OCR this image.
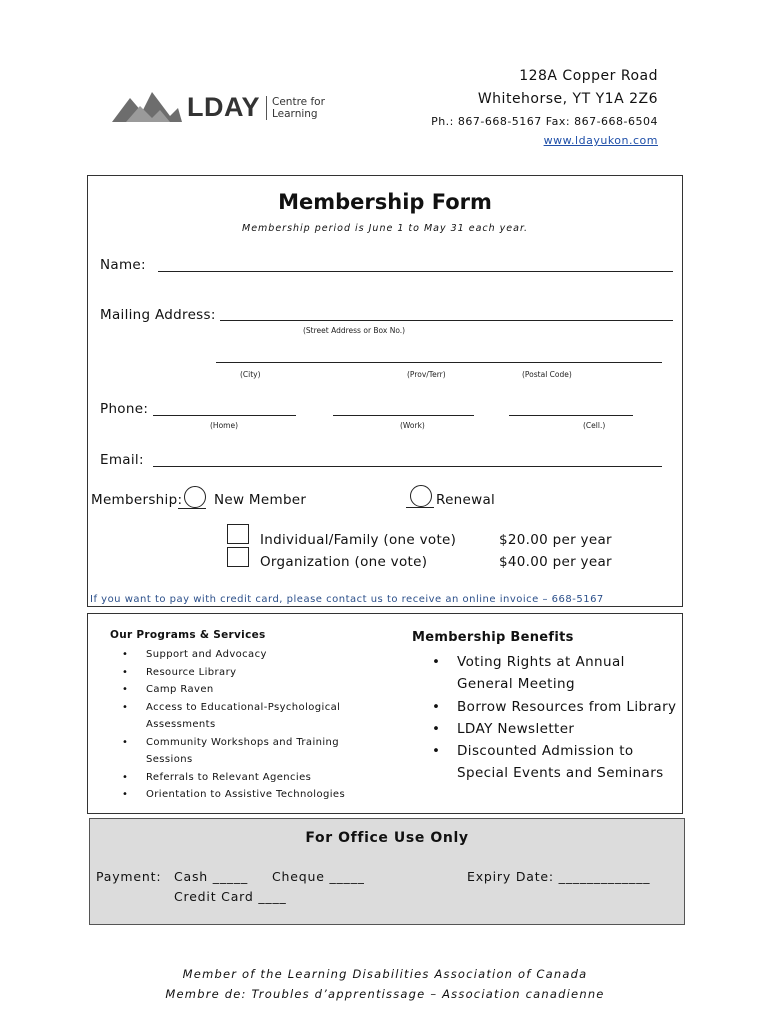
LDAY Centre for
Learning
128A Copper Road
Whitehorse, YT Y1A 2Z6
Ph.: 867-668-5167 Fax: 867-668-6504
www.ldayukon.com
Membership Form
Membership period is June 1 to May 31 each year.
Name:
Mailing Address:
(Street Address or Box No.)
(City)	(Prov/Terr)	(Postal Code)
Phone:
(Home)	(Work)	(Cell.)
Email:
Membership: New Member	Renewal
Individual/Family (one vote)	$20.00 per year
Organization (one vote)	$40.00 per year
If you want to pay with credit card, please contact us to receive an online invoice – 668-5167
Our Programs & Services
• Support and Advocacy
• Resource Library
• Camp Raven
• Access to Educational-Psychological Assessments
• Community Workshops and Training Sessions
• Referrals to Relevant Agencies
• Orientation to Assistive Technologies
Membership Benefits
• Voting Rights at Annual General Meeting
• Borrow Resources from Library
• LDAY Newsletter
• Discounted Admission to Special Events and Seminars
For Office Use Only
Payment: Cash _____ Cheque _____	Expiry Date: _____________
Credit Card ____
Member of the Learning Disabilities Association of Canada
Membre de: Troubles d’apprentissage – Association canadienne
